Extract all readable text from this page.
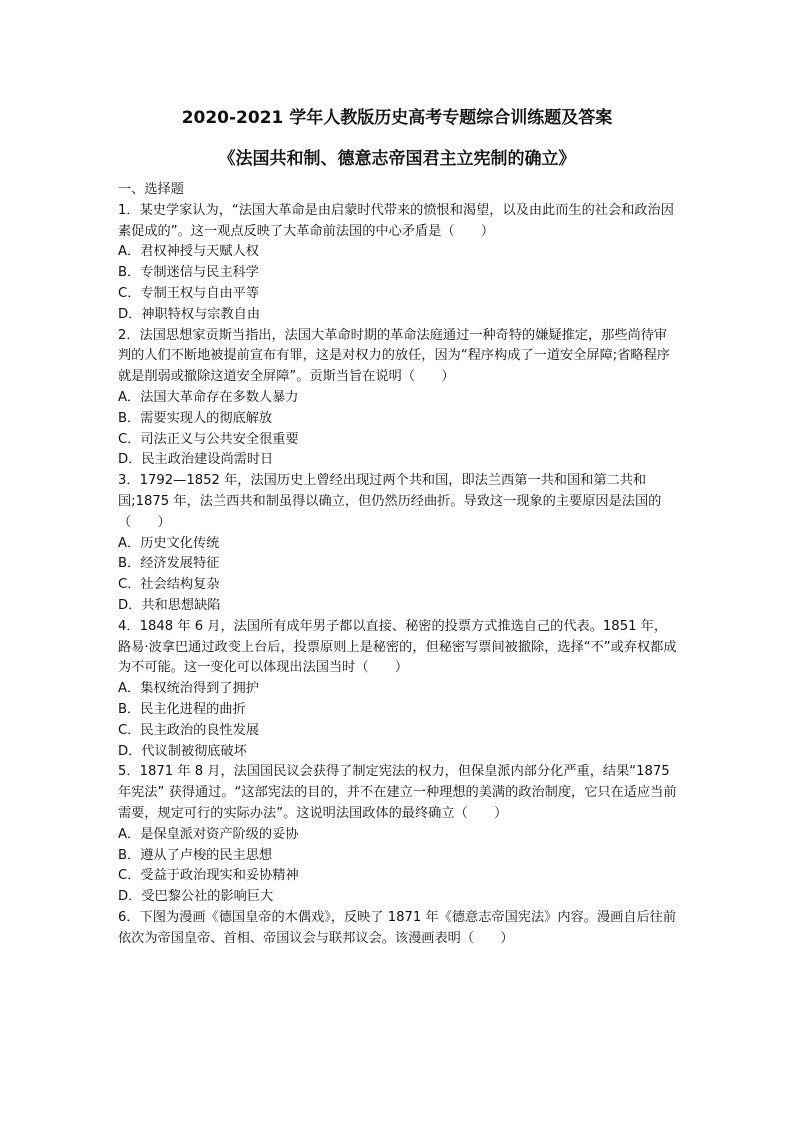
2020-2021 学年人教版历史高考专题综合训练题及答案
《法国共和制、德意志帝国君主立宪制的确立》

一、选择题

1．某史学家认为，“法国大革命是由启蒙时代带来的愤恨和渴望，以及由此而生的社会和政治因素促成的”。这一观点反映了大革命前法国的中心矛盾是（　　）

A．君权神授与天赋人权

B．专制迷信与民主科学

C．专制王权与自由平等

D．神职特权与宗教自由

2．法国思想家贡斯当指出，法国大革命时期的革命法庭通过一种奇特的嫌疑推定，那些尚待审判的人们不断地被提前宣布有罪，这是对权力的放任，因为“程序构成了一道安全屏障;省略程序就是削弱或撤除这道安全屏障”。贡斯当旨在说明（　　）

A．法国大革命存在多数人暴力

B．需要实现人的彻底解放

C．司法正义与公共安全很重要

D．民主政治建设尚需时日

3．1792—1852 年，法国历史上曾经出现过两个共和国，即法兰西第一共和国和第二共和国;1875 年，法兰西共和制虽得以确立，但仍然历经曲折。导致这一现象的主要原因是法国的（　　）

A．历史文化传统

B．经济发展特征

C．社会结构复杂

D．共和思想缺陷

4．1848 年 6 月，法国所有成年男子都以直接、秘密的投票方式推选自己的代表。1851 年，路易·波拿巴通过政变上台后，投票原则上是秘密的，但秘密写票间被撤除，选择“不”或弃权都成为不可能。这一变化可以体现出法国当时（　　）

A．集权统治得到了拥护

B．民主化进程的曲折

C．民主政治的良性发展

D．代议制被彻底破坏

5．1871 年 8 月，法国国民议会获得了制定宪法的权力，但保皇派内部分化严重，结果“1875 年宪法” 获得通过。“这部宪法的目的，并不在建立一种理想的美满的政治制度，它只在适应当前需要，规定可行的实际办法”。这说明法国政体的最终确立（　　）

A．是保皇派对资产阶级的妥协

B．遵从了卢梭的民主思想

C．受益于政治现实和妥协精神

D．受巴黎公社的影响巨大

6．下图为漫画《德国皇帝的木偶戏》，反映了 1871 年《德意志帝国宪法》内容。漫画自后往前依次为帝国皇帝、首相、帝国议会与联邦议会。该漫画表明（　　）
